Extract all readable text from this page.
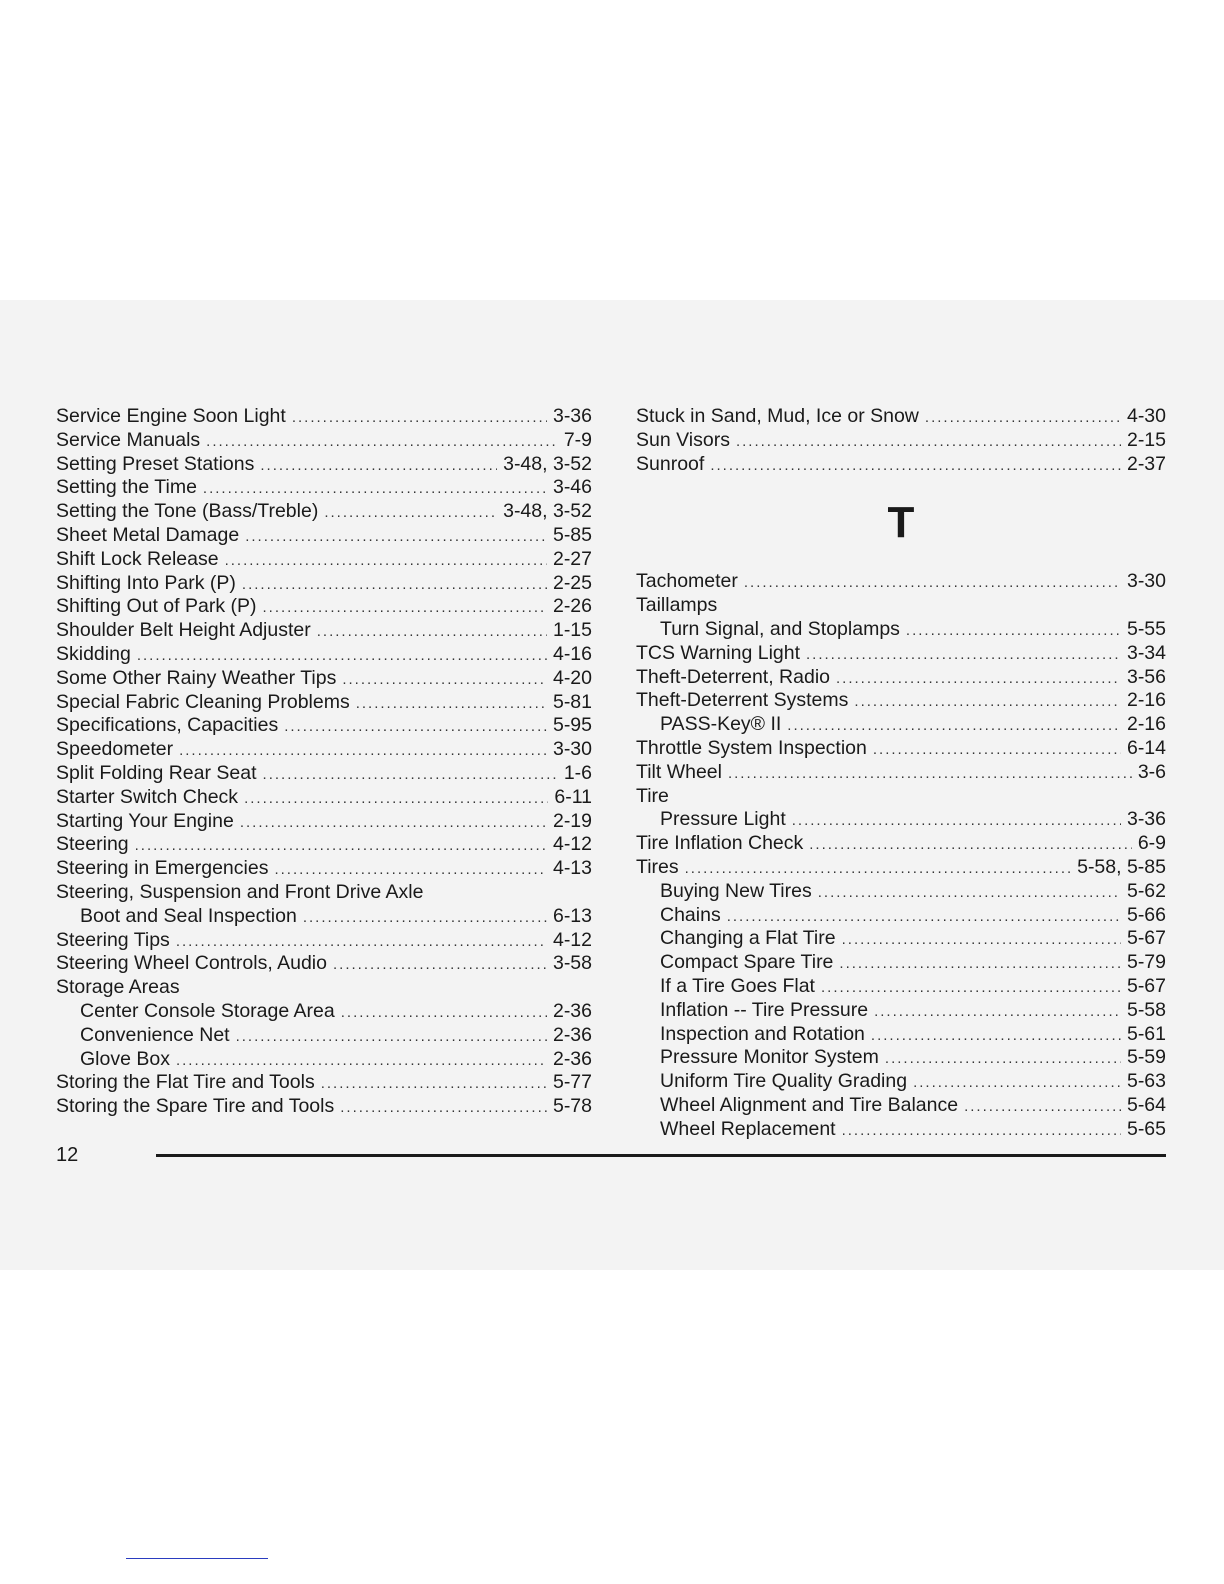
Service Engine Soon Light .....	3-36
Service Manuals .....	7-9
Setting Preset Stations .....	3-48, 3-52
Setting the Time .....	3-46
Setting the Tone (Bass/Treble) .....	3-48, 3-52
Sheet Metal Damage .....	5-85
Shift Lock Release .....	2-27
Shifting Into Park (P) .....	2-25
Shifting Out of Park (P) .....	2-26
Shoulder Belt Height Adjuster .....	1-15
Skidding .....	4-16
Some Other Rainy Weather Tips .....	4-20
Special Fabric Cleaning Problems .....	5-81
Specifications, Capacities .....	5-95
Speedometer .....	3-30
Split Folding Rear Seat .....	1-6
Starter Switch Check .....	6-11
Starting Your Engine .....	2-19
Steering .....	4-12
Steering in Emergencies .....	4-13
Steering, Suspension and Front Drive Axle
Boot and Seal Inspection .....	6-13
Steering Tips .....	4-12
Steering Wheel Controls, Audio .....	3-58
Storage Areas
Center Console Storage Area .....	2-36
Convenience Net .....	2-36
Glove Box .....	2-36
Storing the Flat Tire and Tools .....	5-77
Storing the Spare Tire and Tools .....	5-78
Stuck in Sand, Mud, Ice or Snow .....	4-30
Sun Visors .....	2-15
Sunroof .....	2-37
T
Tachometer .....	3-30
Taillamps
Turn Signal, and Stoplamps .....	5-55
TCS Warning Light .....	3-34
Theft-Deterrent, Radio .....	3-56
Theft-Deterrent Systems .....	2-16
PASS-Key® II .....	2-16
Throttle System Inspection .....	6-14
Tilt Wheel .....	3-6
Tire
Pressure Light .....	3-36
Tire Inflation Check .....	6-9
Tires .....	5-58, 5-85
Buying New Tires .....	5-62
Chains .....	5-66
Changing a Flat Tire .....	5-67
Compact Spare Tire .....	5-79
If a Tire Goes Flat .....	5-67
Inflation -- Tire Pressure .....	5-58
Inspection and Rotation .....	5-61
Pressure Monitor System .....	5-59
Uniform Tire Quality Grading .....	5-63
Wheel Alignment and Tire Balance .....	5-64
Wheel Replacement .....	5-65
12
